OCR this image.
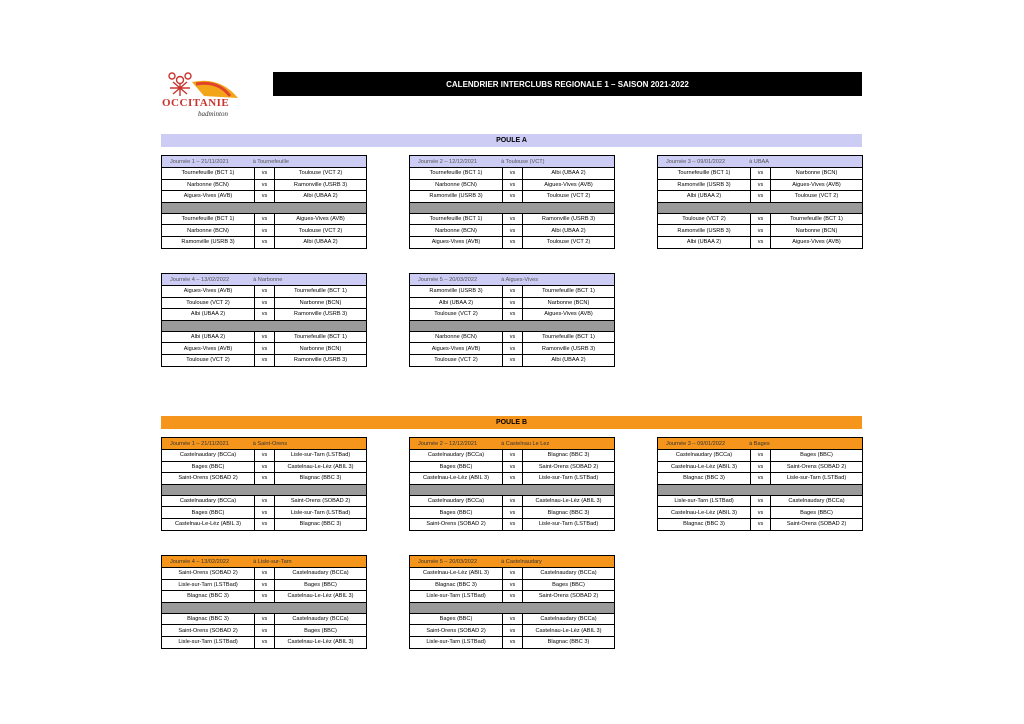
OCCITANIE
badminton
CALENDRIER INTERCLUBS REGIONALE 1 – SAISON 2021-2022
POULE A
POULE B
Journée 1 – 21/11/2021 à Tournefeuille		
Tournefeuille (BCT 1)	vs	Toulouse (VCT 2)
Narbonne (BCN)	vs	Ramonville (USRB 3)
Aigues-Vives (AVB)	vs	Albi (UBAA 2)

Tournefeuille (BCT 1)	vs	Aigues-Vives (AVB)
Narbonne (BCN)	vs	Toulouse (VCT 2)
Ramonville (USRB 3)	vs	Albi (UBAA 2)
Journée 2 – 12/12/2021 à Toulouse (VCT)		
Tournefeuille (BCT 1)	vs	Albi (UBAA 2)
Narbonne (BCN)	vs	Aigues-Vives (AVB)
Ramonville (USRB 3)	vs	Toulouse (VCT 2)

Tournefeuille (BCT 1)	vs	Ramonville (USRB 3)
Narbonne (BCN)	vs	Albi (UBAA 2)
Aigues-Vives (AVB)	vs	Toulouse (VCT 2)
Journée 3 – 09/01/2022 à UBAA		
Tournefeuille (BCT 1)	vs	Narbonne (BCN)
Ramonville (USRB 3)	vs	Aigues-Vives (AVB)
Albi (UBAA 2)	vs	Toulouse (VCT 2)

Toulouse (VCT 2)	vs	Tournefeuille (BCT 1)
Ramonville (USRB 3)	vs	Narbonne (BCN)
Albi (UBAA 2)	vs	Aigues-Vives (AVB)
Journée 4 – 13/02/2022 à Narbonne		
Aigues-Vives (AVB)	vs	Tournefeuille (BCT 1)
Toulouse (VCT 2)	vs	Narbonne (BCN)
Albi (UBAA 2)	vs	Ramonville (USRB 3)

Albi (UBAA 2)	vs	Tournefeuille (BCT 1)
Aigues-Vives (AVB)	vs	Narbonne (BCN)
Toulouse (VCT 2)	vs	Ramonville (USRB 3)
Journée 5 – 20/03/2022 à Aigues-Vives		
Ramonville (USRB 3)	vs	Tournefeuille (BCT 1)
Albi (UBAA 2)	vs	Narbonne (BCN)
Toulouse (VCT 2)	vs	Aigues-Vives (AVB)

Narbonne (BCN)	vs	Tournefeuille (BCT 1)
Aigues-Vives (AVB)	vs	Ramonville (USRB 3)
Toulouse (VCT 2)	vs	Albi (UBAA 2)
Journée 1 – 21/11/2021 à Saint-Orens		
Castelnaudary (BCCa)	vs	Lisle-sur-Tarn (LSTBad)
Bages (BBC)	vs	Castelnau-Le-Lèz (ABIL 3)
Saint-Orens (SOBAD 2)	vs	Blagnac (BBC 3)

Castelnaudary (BCCa)	vs	Saint-Orens (SOBAD 2)
Bages (BBC)	vs	Lisle-sur-Tarn (LSTBad)
Castelnau-Le-Lèz (ABIL 3)	vs	Blagnac (BBC 3)
Journée 2 – 12/12/2021 à Castelnau Le Lez		
Castelnaudary (BCCa)	vs	Blagnac (BBC 3)
Bages (BBC)	vs	Saint-Orens (SOBAD 2)
Castelnau-Le-Lèz (ABIL 3)	vs	Lisle-sur-Tarn (LSTBad)

Castelnaudary (BCCa)	vs	Castelnau-Le-Lèz (ABIL 3)
Bages (BBC)	vs	Blagnac (BBC 3)
Saint-Orens (SOBAD 2)	vs	Lisle-sur-Tarn (LSTBad)
Journée 3 – 09/01/2022 à Bages		
Castelnaudary (BCCa)	vs	Bages (BBC)
Castelnau-Le-Lèz (ABIL 3)	vs	Saint-Orens (SOBAD 2)
Blagnac (BBC 3)	vs	Lisle-sur-Tarn (LSTBad)

Lisle-sur-Tarn (LSTBad)	vs	Castelnaudary (BCCa)
Castelnau-Le-Lèz (ABIL 3)	vs	Bages (BBC)
Blagnac (BBC 3)	vs	Saint-Orens (SOBAD 2)
Journée 4 – 13/02/2022 à Lisle-sur-Tarn		
Saint-Orens (SOBAD 2)	vs	Castelnaudary (BCCa)
Lisle-sur-Tarn (LSTBad)	vs	Bages (BBC)
Blagnac (BBC 3)	vs	Castelnau-Le-Lèz (ABIL 3)

Blagnac (BBC 3)	vs	Castelnaudary (BCCa)
Saint-Orens (SOBAD 2)	vs	Bages (BBC)
Lisle-sur-Tarn (LSTBad)	vs	Castelnau-Le-Lèz (ABIL 3)
Journée 5 – 20/03/2022 à Castelnaudary		
Castelnau-Le-Lèz (ABIL 3)	vs	Castelnaudary (BCCa)
Blagnac (BBC 3)	vs	Bages (BBC)
Lisle-sur-Tarn (LSTBad)	vs	Saint-Orens (SOBAD 2)

Bages (BBC)	vs	Castelnaudary (BCCa)
Saint-Orens (SOBAD 2)	vs	Castelnau-Le-Lèz (ABIL 3)
Lisle-sur-Tarn (LSTBad)	vs	Blagnac (BBC 3)
